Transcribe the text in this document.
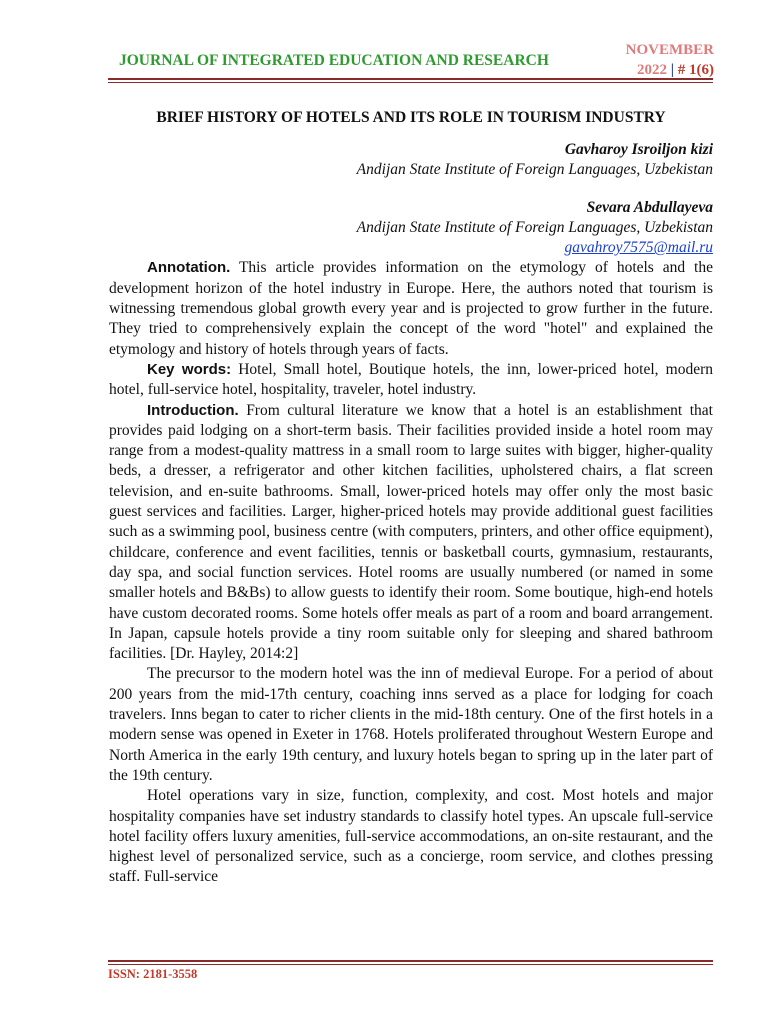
JOURNAL OF INTEGRATED EDUCATION AND RESEARCH
NOVEMBER
2022 | # 1(6)
BRIEF HISTORY OF HOTELS AND ITS ROLE IN TOURISM INDUSTRY
Gavharoy Isroiljon kizi
Andijan State Institute of Foreign Languages, Uzbekistan
Sevara Abdullayeva
Andijan State Institute of Foreign Languages, Uzbekistan
gavahroy7575@mail.ru

Annotation. This article provides information on the etymology of hotels and the development horizon of the hotel industry in Europe. Here, the authors noted that tourism is witnessing tremendous global growth every year and is projected to grow further in the future. They tried to comprehensively explain the concept of the word "hotel" and explained the etymology and history of hotels through years of facts.

Key words: Hotel, Small hotel, Boutique hotels, the inn, lower-priced hotel, modern hotel, full-service hotel, hospitality, traveler, hotel industry.

Introduction. From cultural literature we know that a hotel is an establishment that provides paid lodging on a short-term basis. Their facilities provided inside a hotel room may range from a modest-quality mattress in a small room to large suites with bigger, higher-quality beds, a dresser, a refrigerator and other kitchen facilities, upholstered chairs, a flat screen television, and en-suite bathrooms. Small, lower-priced hotels may offer only the most basic guest services and facilities. Larger, higher-priced hotels may provide additional guest facilities such as a swimming pool, business centre (with computers, printers, and other office equipment), childcare, conference and event facilities, tennis or basketball courts, gymnasium, restaurants, day spa, and social function services. Hotel rooms are usually numbered (or named in some smaller hotels and B&Bs) to allow guests to identify their room. Some boutique, high-end hotels have custom decorated rooms. Some hotels offer meals as part of a room and board arrangement. In Japan, capsule hotels provide a tiny room suitable only for sleeping and shared bathroom facilities. [Dr. Hayley, 2014:2]

The precursor to the modern hotel was the inn of medieval Europe. For a period of about 200 years from the mid-17th century, coaching inns served as a place for lodging for coach travelers. Inns began to cater to richer clients in the mid-18th century. One of the first hotels in a modern sense was opened in Exeter in 1768. Hotels proliferated throughout Western Europe and North America in the early 19th century, and luxury hotels began to spring up in the later part of the 19th century.

Hotel operations vary in size, function, complexity, and cost. Most hotels and major hospitality companies have set industry standards to classify hotel types. An upscale full-service hotel facility offers luxury amenities, full-service accommodations, an on-site restaurant, and the highest level of personalized service, such as a concierge, room service, and clothes pressing staff. Full-service

ISSN: 2181-3558
